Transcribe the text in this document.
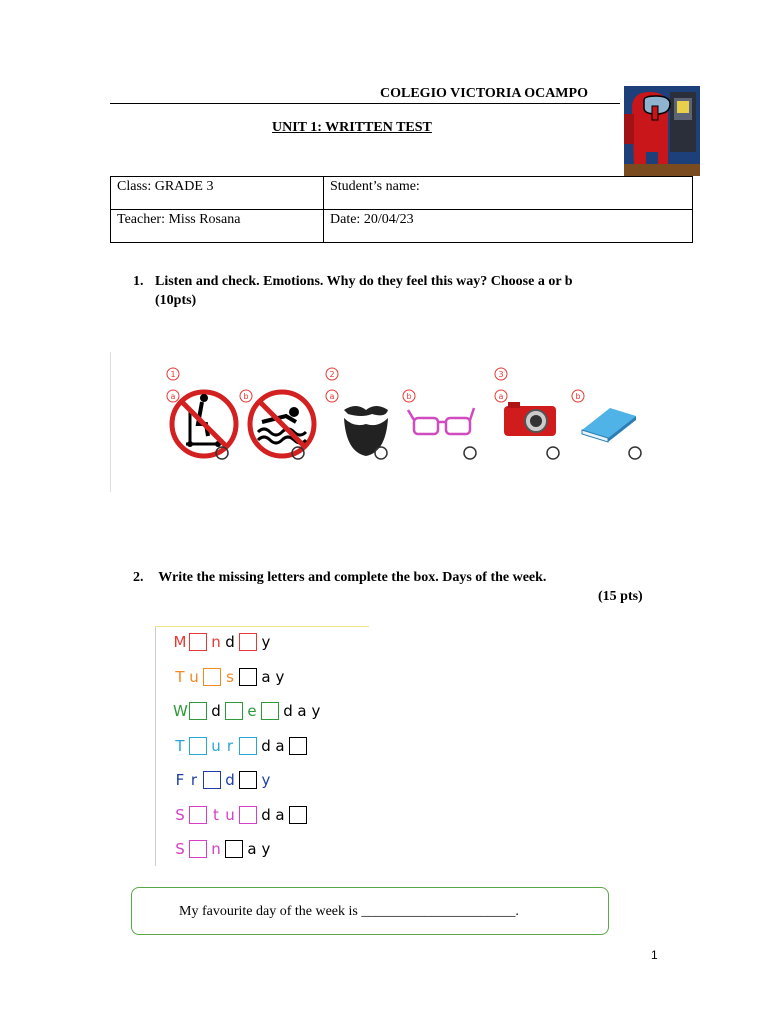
COLEGIO VICTORIA OCAMPO
UNIT 1: WRITTEN TEST
Class: GRADE 3	Student’s name:
Teacher: Miss Rosana	Date: 20/04/23
1. Listen and check. Emotions. Why do they feel this way? Choose a or b
(10pts)
1	2	3
a	b	a	b	a	b
2. Write the missing letters and complete the box. Days of the week.
(15 pts)
M n d y
T u s a y
W d e d a y
T u r d a
F r d y
S t u d a
S n a y
My favourite day of the week is ______________________.
1
